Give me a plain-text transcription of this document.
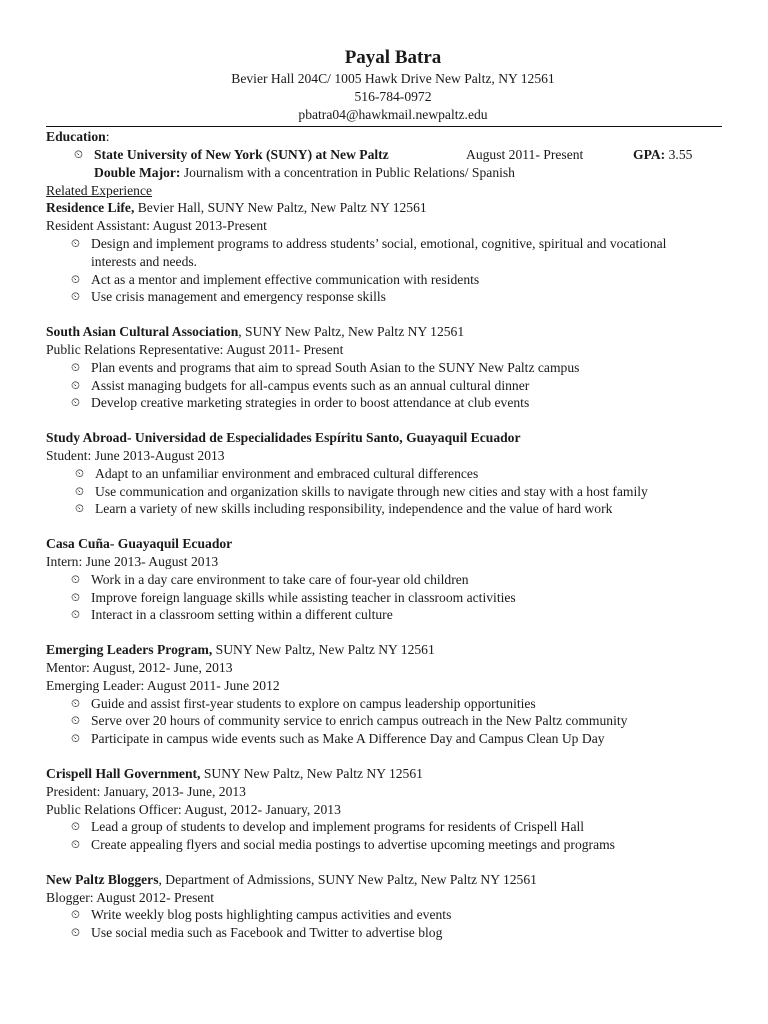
Payal Batra
Bevier Hall 204C/ 1005 Hawk Drive New Paltz, NY 12561
516-784-0972
pbatra04@hawkmail.newpaltz.edu
Education:
⏲ State University of New York (SUNY) at New Paltz	August 2011- Present	GPA: 3.55
Double Major: Journalism with a concentration in Public Relations/ Spanish
Related Experience
Residence Life, Bevier Hall, SUNY New Paltz, New Paltz NY 12561
Resident Assistant: August 2013-Present
⏲ Design and implement programs to address students’ social, emotional, cognitive, spiritual and vocational interests and needs.
⏲ Act as a mentor and implement effective communication with residents
⏲ Use crisis management and emergency response skills
South Asian Cultural Association, SUNY New Paltz, New Paltz NY 12561
Public Relations Representative: August 2011- Present
⏲ Plan events and programs that aim to spread South Asian to the SUNY New Paltz campus
⏲ Assist managing budgets for all-campus events such as an annual cultural dinner
⏲ Develop creative marketing strategies in order to boost attendance at club events
Study Abroad- Universidad de Especialidades Espíritu Santo, Guayaquil Ecuador
Student: June 2013-August 2013
⏲ Adapt to an unfamiliar environment and embraced cultural differences
⏲ Use communication and organization skills to navigate through new cities and stay with a host family
⏲ Learn a variety of new skills including responsibility, independence and the value of hard work
Casa Cuña- Guayaquil Ecuador
Intern: June 2013- August 2013
⏲ Work in a day care environment to take care of four-year old children
⏲ Improve foreign language skills while assisting teacher in classroom activities
⏲ Interact in a classroom setting within a different culture
Emerging Leaders Program, SUNY New Paltz, New Paltz NY 12561
Mentor: August, 2012- June, 2013
Emerging Leader: August 2011- June 2012
⏲ Guide and assist first-year students to explore on campus leadership opportunities
⏲ Serve over 20 hours of community service to enrich campus outreach in the New Paltz community
⏲ Participate in campus wide events such as Make A Difference Day and Campus Clean Up Day
Crispell Hall Government, SUNY New Paltz, New Paltz NY 12561
President: January, 2013- June, 2013
Public Relations Officer: August, 2012- January, 2013
⏲ Lead a group of students to develop and implement programs for residents of Crispell Hall
⏲ Create appealing flyers and social media postings to advertise upcoming meetings and programs
New Paltz Bloggers, Department of Admissions, SUNY New Paltz, New Paltz NY 12561
Blogger: August 2012- Present
⏲ Write weekly blog posts highlighting campus activities and events
⏲ Use social media such as Facebook and Twitter to advertise blog
